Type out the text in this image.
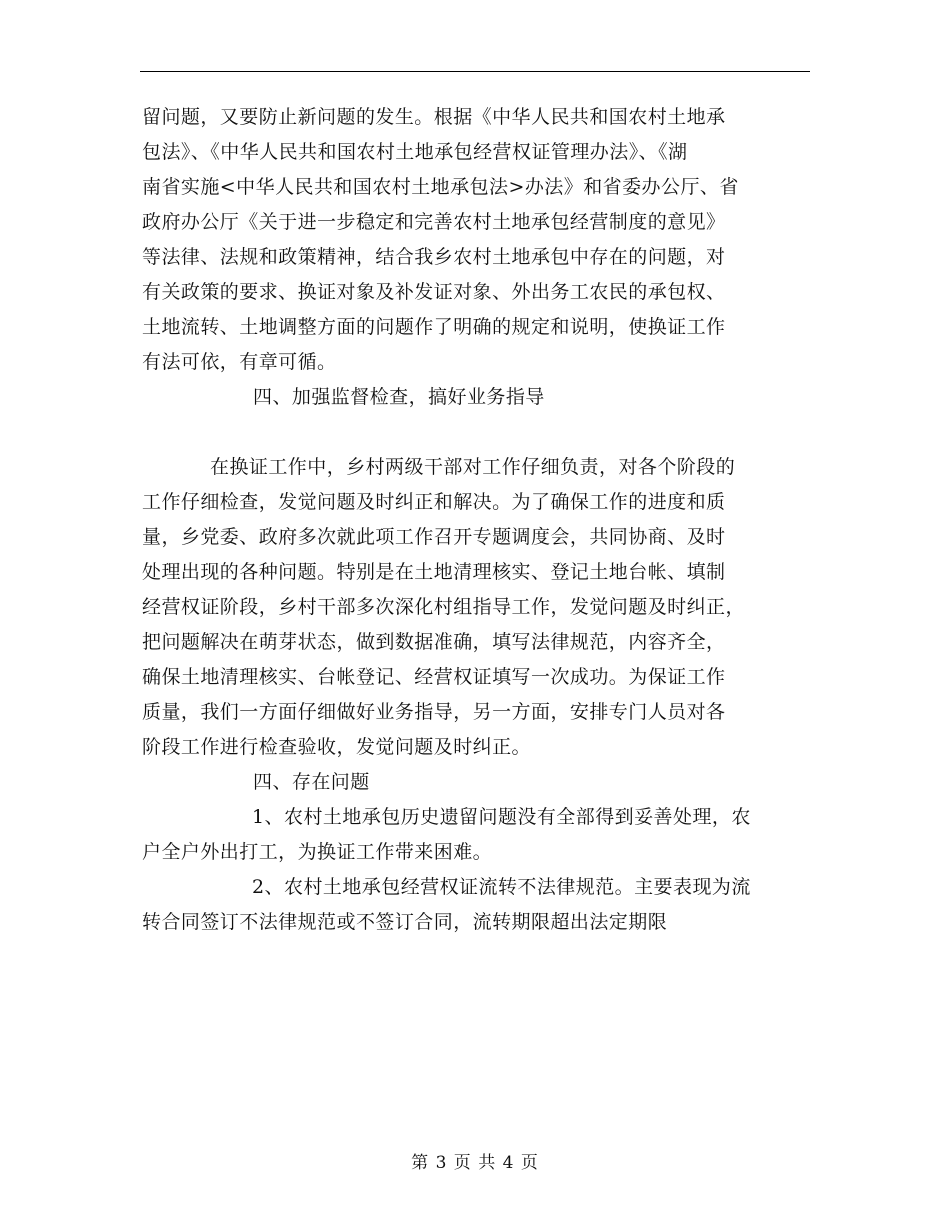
留问题，又要防止新问题的发生。根据《中华人民共和国农村土地承
包法》、《中华人民共和国农村土地承包经营权证管理办法》、《湖
南省实施<中华人民共和国农村土地承包法>办法》和省委办公厅、省
政府办公厅《关于进一步稳定和完善农村土地承包经营制度的意见》
等法律、法规和政策精神，结合我乡农村土地承包中存在的问题，对
有关政策的要求、换证对象及补发证对象、外出务工农民的承包权、
土地流转、土地调整方面的问题作了明确的规定和说明，使换证工作
有法可依，有章可循。
四、加强监督检查，搞好业务指导
在换证工作中，乡村两级干部对工作仔细负责，对各个阶段的
工作仔细检查，发觉问题及时纠正和解决。为了确保工作的进度和质
量，乡党委、政府多次就此项工作召开专题调度会，共同协商、及时
处理出现的各种问题。特别是在土地清理核实、登记土地台帐、填制
经营权证阶段，乡村干部多次深化村组指导工作，发觉问题及时纠正，
把问题解决在萌芽状态，做到数据准确，填写法律规范，内容齐全，
确保土地清理核实、台帐登记、经营权证填写一次成功。为保证工作
质量，我们一方面仔细做好业务指导，另一方面，安排专门人员对各
阶段工作进行检查验收，发觉问题及时纠正。
四、存在问题
1、农村土地承包历史遗留问题没有全部得到妥善处理，农
户全户外出打工，为换证工作带来困难。
2、农村土地承包经营权证流转不法律规范。主要表现为流
转合同签订不法律规范或不签订合同，流转期限超出法定期限
第 3 页 共 4 页
